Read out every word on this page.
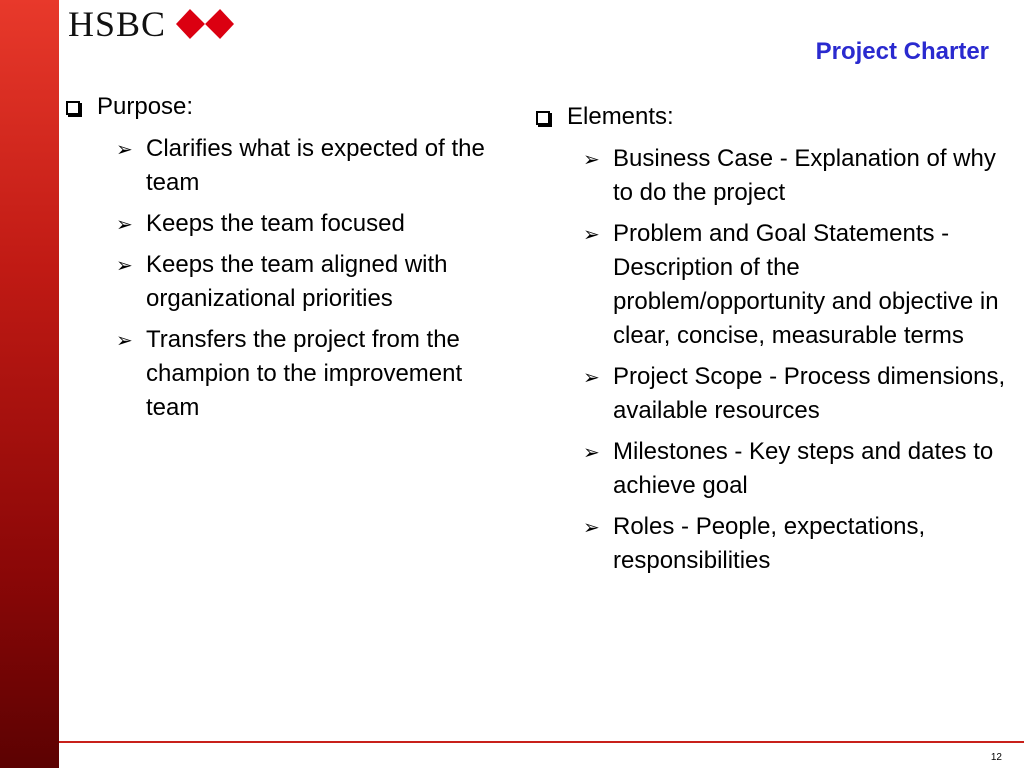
HSBC
Project Charter
Purpose:
➢ Clarifies what is expected of the team
➢ Keeps the team focused
➢ Keeps the team aligned with organizational priorities
➢ Transfers the project from the champion to the improvement team
Elements:
➢ Business Case - Explanation of why to do the project
➢ Problem and Goal Statements - Description of the problem/opportunity and objective in clear, concise, measurable terms
➢ Project Scope - Process dimensions, available resources
➢ Milestones - Key steps and dates to achieve goal
➢ Roles - People, expectations, responsibilities
12
